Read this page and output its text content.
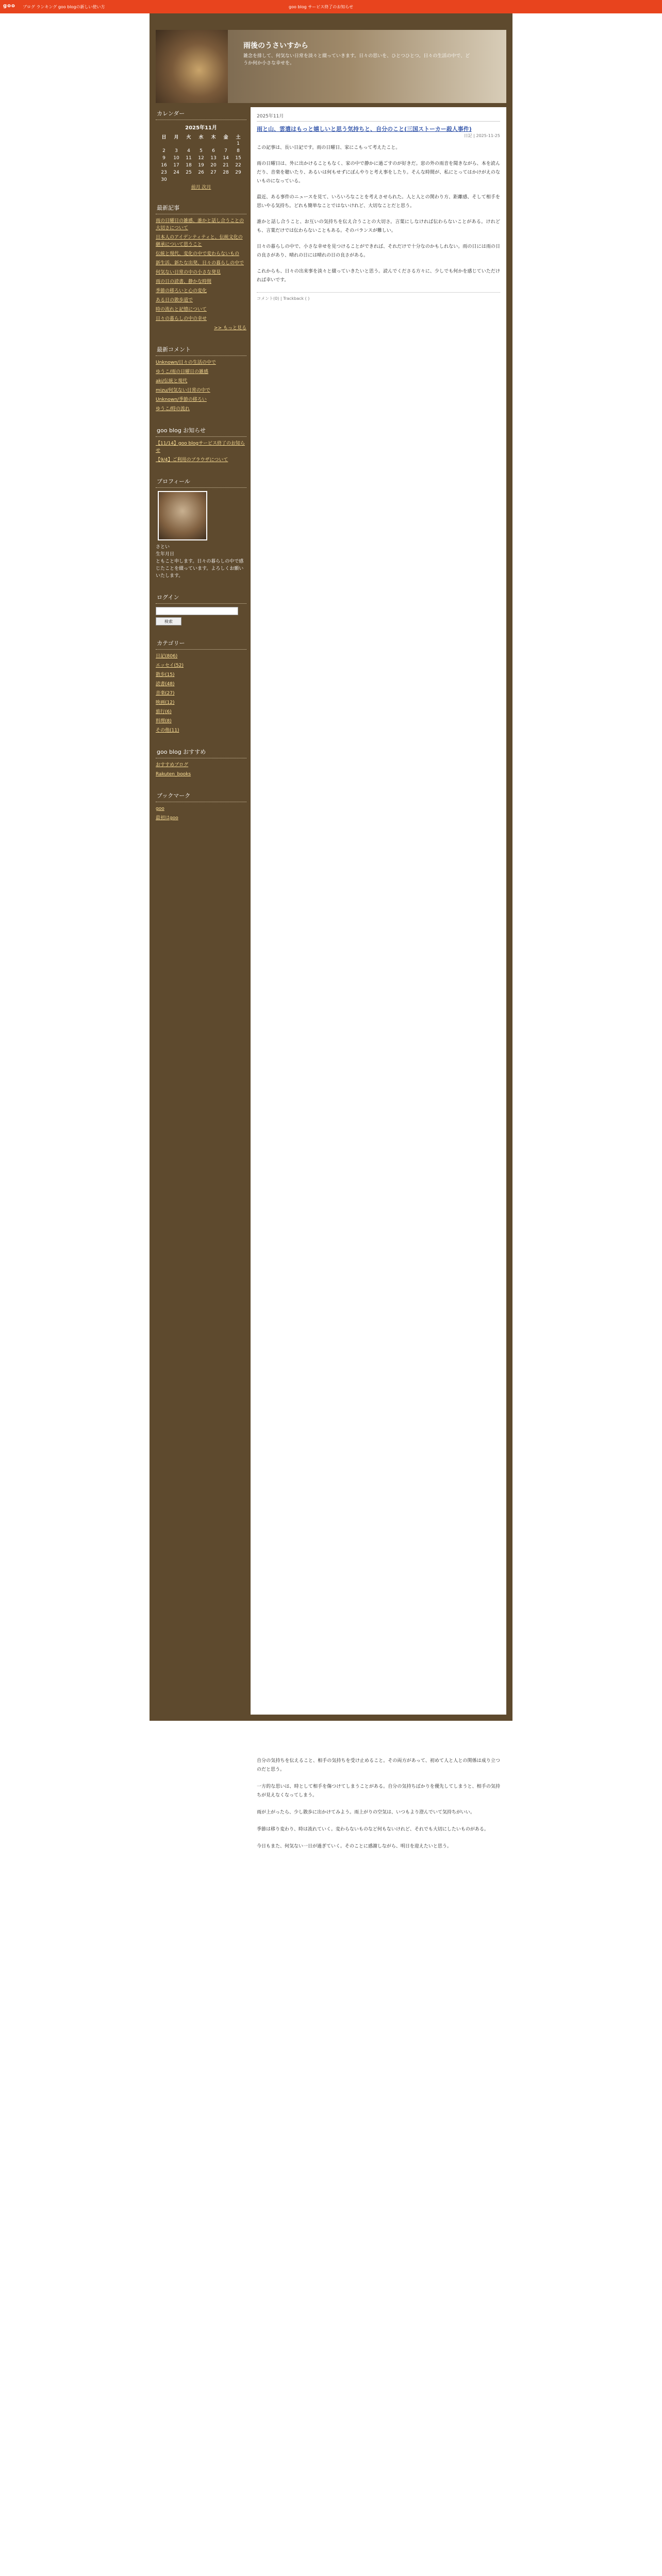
goo ブログ ランキング goo blogの新しい使い方	goo blog サービス終了のお知らせ
雨後のうさいすから
雑念を排して、何気ない日常を淡々と綴っていきます。日々の思いを、ひとつひとつ。日々の生活の中で、どうか何か小さな幸せを。
カレンダー
2025年11月
日	月	火	水	木	金	土
						1
2	3	4	5	6	7	8
9	10	11	12	13	14	15
16	17	18	19	20	21	22
23	24	25	26	27	28	29
30						
前月 次月
最新記事
雨の日曜日の雑感、誰かと話し合うことの大切さについて
日本人のアイデンティティと、伝統文化の継承について思うこと
伝統と現代、変化の中で変わらないもの
新生活、新たな出発、日々の暮らしの中で
何気ない日常の中の小さな発見
雨の日の読書、静かな時間
季節の移ろいと心の変化
ある日の散歩道で
時の流れと記憶について
日々の暮らしの中の幸せ
>> もっと見る
最新コメント
Unknown/日々の生活の中で
ゆうこ/雨の日曜日の雑感
aki/伝統と現代
mizu/何気ない日常の中で
Unknown/季節の移ろい
ゆうこ/時の流れ
goo blog お知らせ
【11/14】goo blogサービス終了のお知らせ
【9/4】ご利用のブラウザについて
プロフィール
さとい
生年月日
ともこと申します。日々の暮らしの中で感じたことを綴っています。よろしくお願いいたします。
ログイン
検索
カテゴリー
日記(806)
エッセイ(52)
散歩(15)
読書(48)
音楽(27)
映画(12)
旅行(6)
料理(8)
その他(11)
goo blog おすすめ
おすすめブログ
Rakuten_books
ブックマーク
goo
最初はgoo
2025年11月
雨と山、雲遣はもっと嬉しいと思う気持ちと、自分のこと(三国ストーカー殺人事件)
日記 | 2025-11-25
この記事は、長い日記です。雨の日曜日、家にこもって考えたこと。
雨の日曜日は、外に出かけることもなく、家の中で静かに過ごすのが好きだ。窓の外の雨音を聞きながら、本を読んだり、音楽を聴いたり、あるいは何もせずにぼんやりと考え事をしたり。そんな時間が、私にとってはかけがえのないものになっている。
最近、ある事件のニュースを見て、いろいろなことを考えさせられた。人と人との関わり方、距離感、そして相手を思いやる気持ち。どれも簡単なことではないけれど、大切なことだと思う。
誰かと話し合うこと、お互いの気持ちを伝え合うことの大切さ。言葉にしなければ伝わらないことがある。けれども、言葉だけでは伝わらないこともある。そのバランスが難しい。
日々の暮らしの中で、小さな幸せを見つけることができれば、それだけで十分なのかもしれない。雨の日には雨の日の良さがあり、晴れの日には晴れの日の良さがある。
これからも、日々の出来事を淡々と綴っていきたいと思う。読んでくださる方々に、少しでも何かを感じていただければ幸いです。
コメント(0) | Trackback ( )
自分の気持ちを伝えること、相手の気持ちを受け止めること。その両方があって、初めて人と人との関係は成り立つのだと思う。
一方的な思いは、時として相手を傷つけてしまうことがある。自分の気持ちばかりを優先してしまうと、相手の気持ちが見えなくなってしまう。
雨が上がったら、少し散歩に出かけてみよう。雨上がりの空気は、いつもより澄んでいて気持ちがいい。
季節は移り変わり、時は流れていく。変わらないものなど何もないけれど、それでも大切にしたいものがある。
今日もまた、何気ない一日が過ぎていく。そのことに感謝しながら、明日を迎えたいと思う。
